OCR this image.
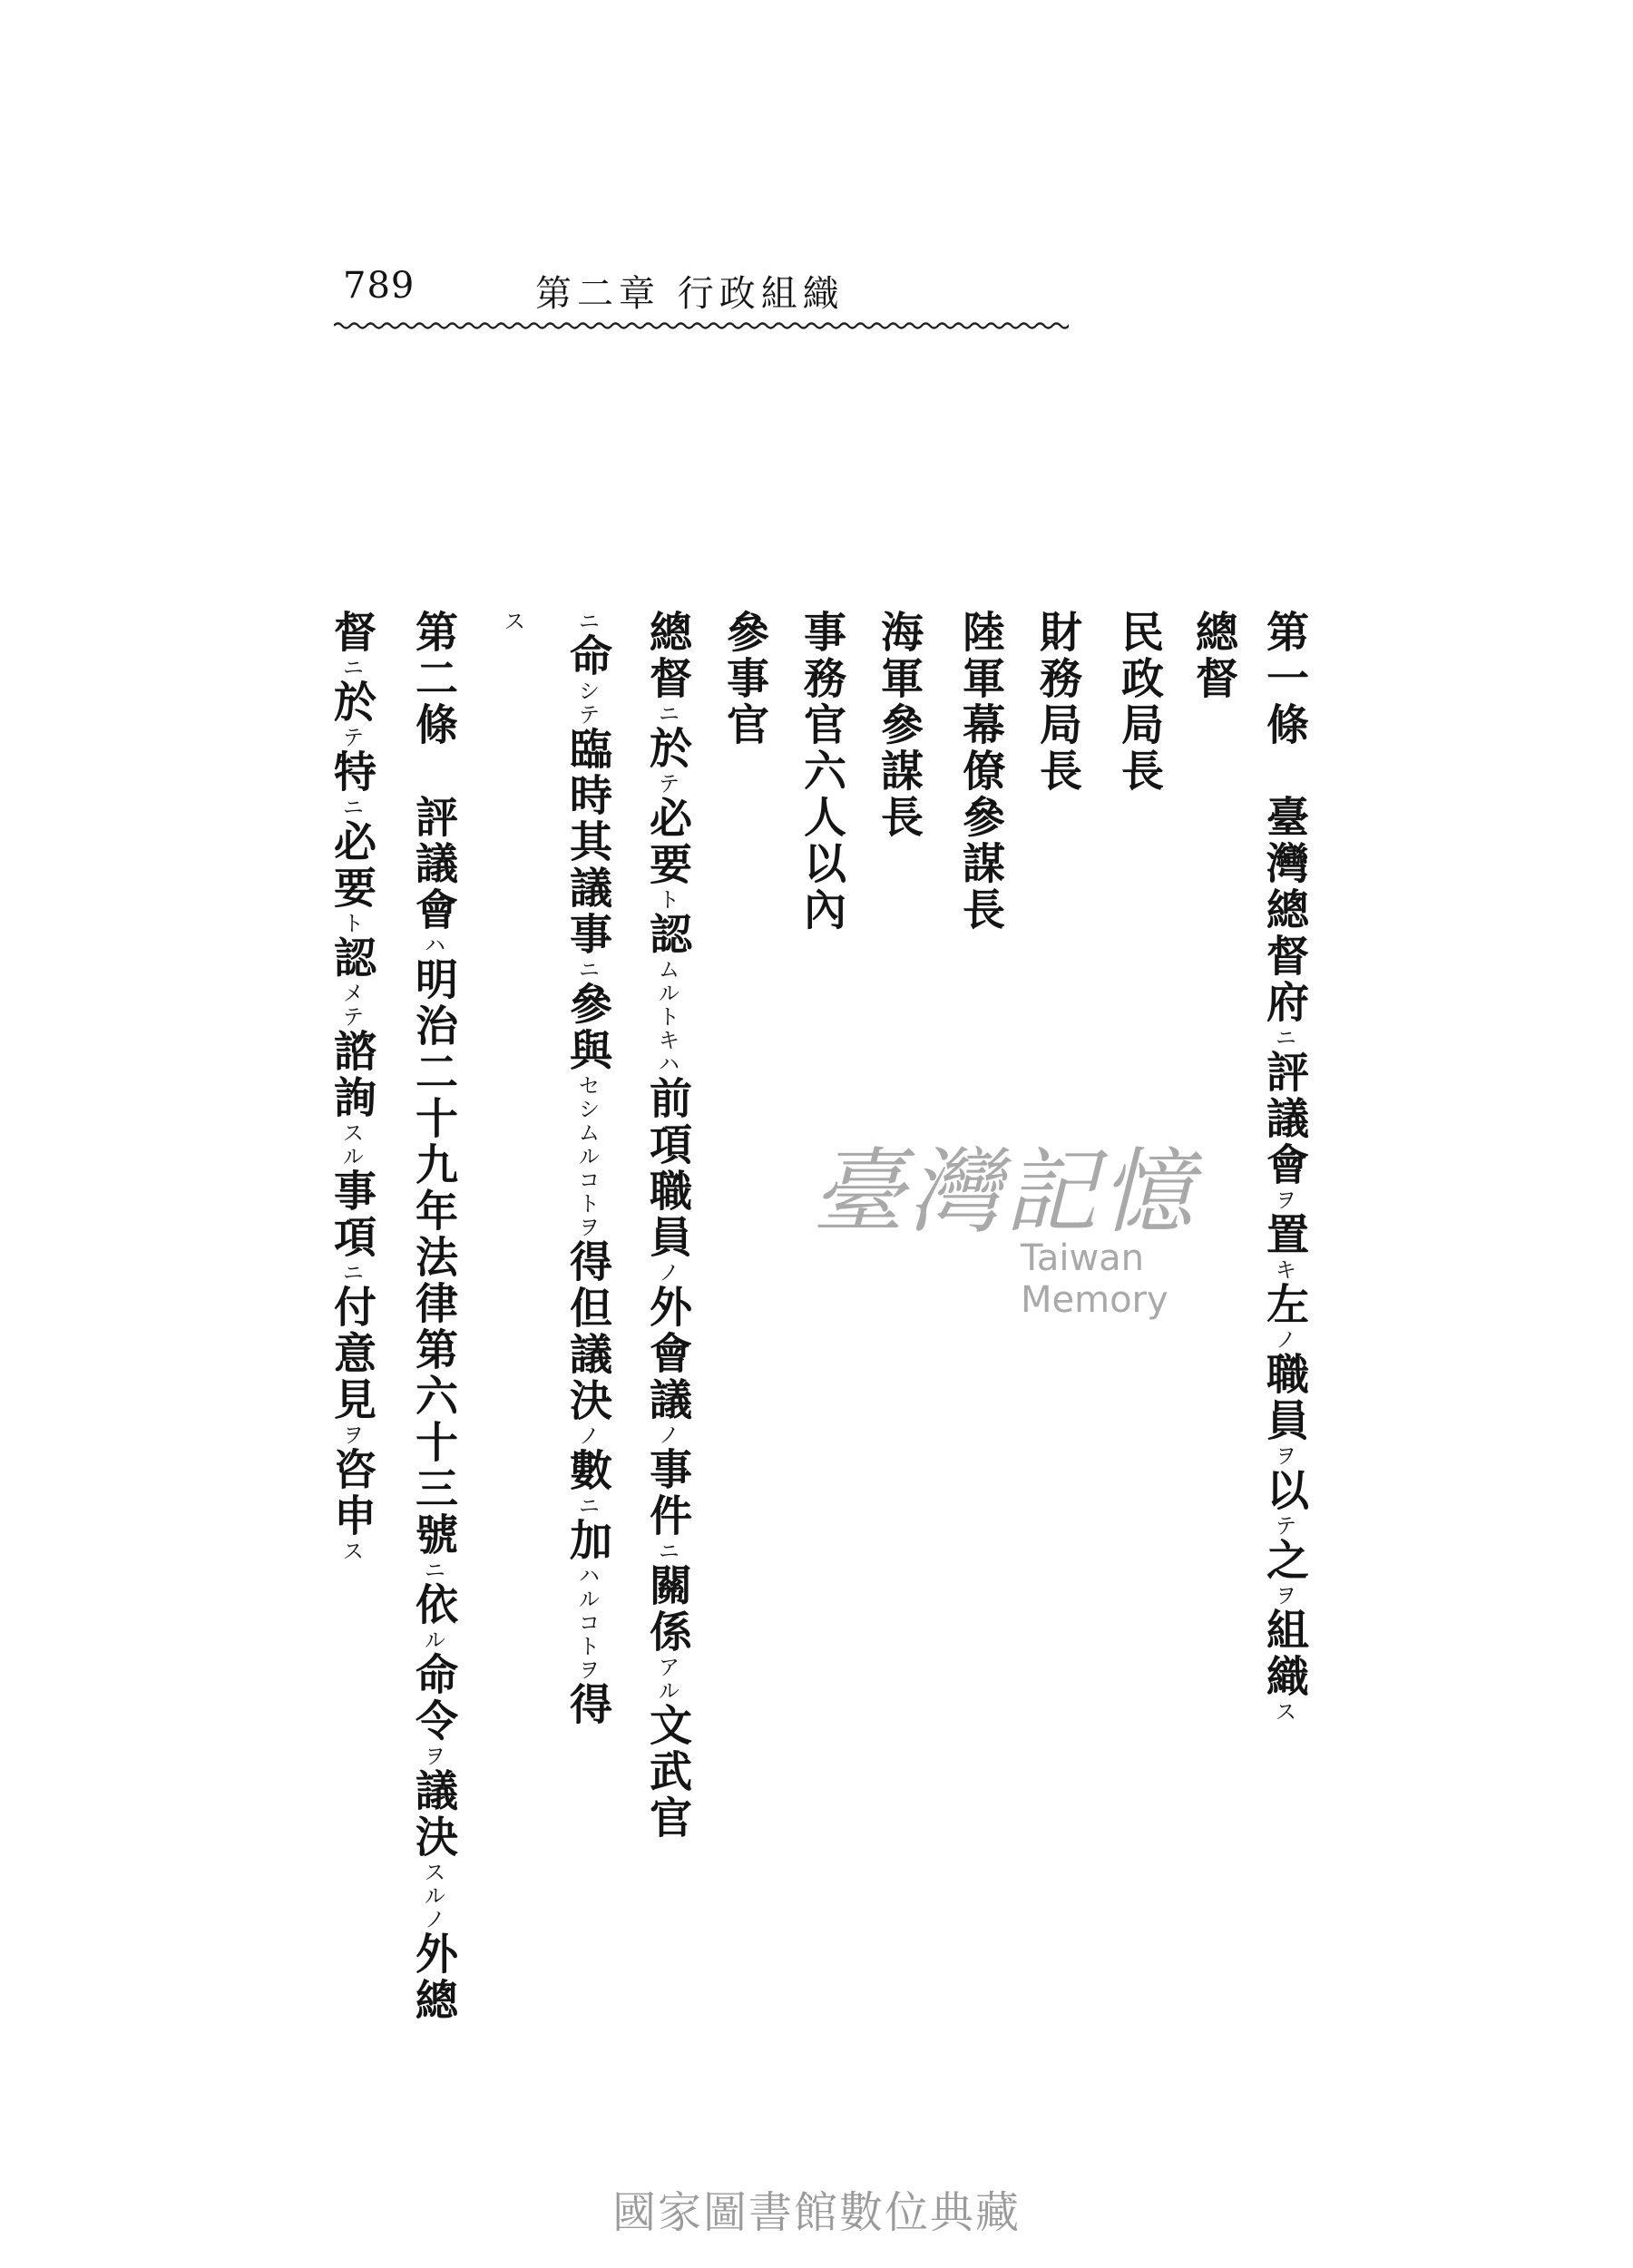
789	第二章 行政組織
第一條　臺灣總督府ニ評議會ヲ置キ左ノ職員ヲ以テ之ヲ組織ス
總督
民政局長
財務局長
陸軍幕僚參謀長
海軍參謀長
事務官六人以內
參事官
總督ニ於テ必要ト認ムルトキハ前項職員ノ外會議ノ事件ニ關係アル文武官
ニ命シテ臨時其議事ニ參與セシムルコトヲ得但議決ノ數ニ加ハルコトヲ得
ス
第二條　評議會ハ明治二十九年法律第六十三號ニ依ル命令ヲ議決スルノ外總
督ニ於テ特ニ必要ト認メテ諮詢スル事項ニ付意見ヲ咨申ス
臺灣記憶
Taiwan Memory
國家圖書館數位典藏
